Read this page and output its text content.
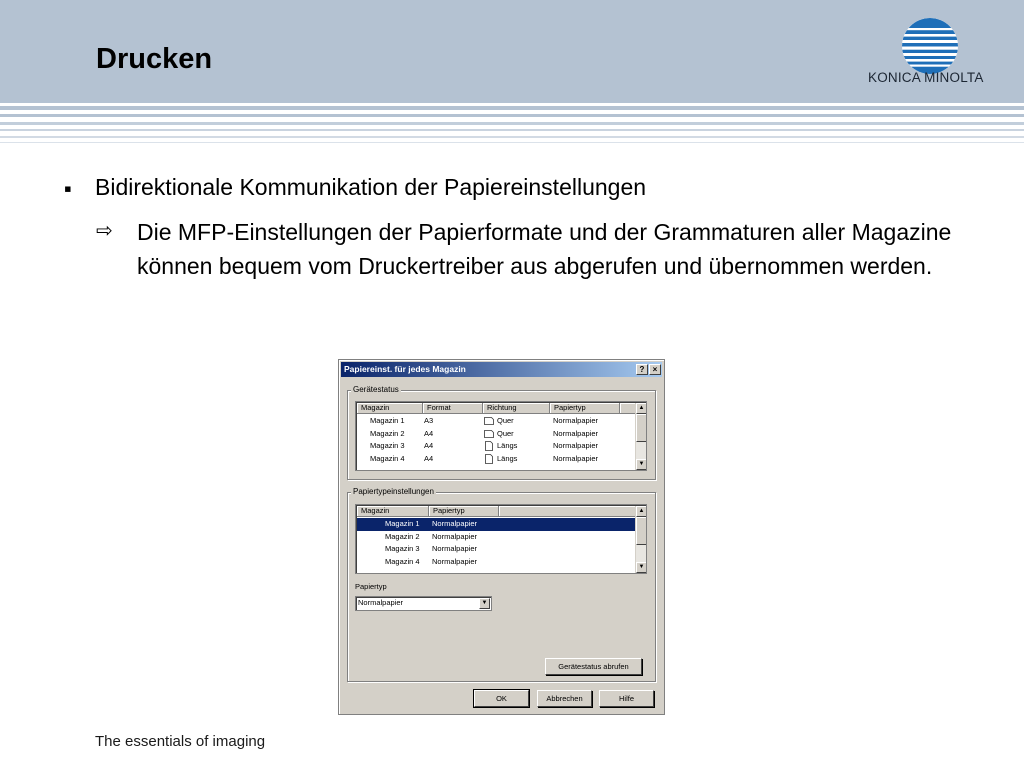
Drucken
KONICA MINOLTA
▪ Bidirektionale Kommunikation der Papiereinstellungen
⇨ Die MFP-Einstellungen der Papierformate und der Grammaturen aller Magazine können bequem vom Druckertreiber aus abgerufen und übernommen werden.
The essentials of imaging
Papiereinst. für jedes Magazin	?	×
Gerätestatus
Magazin	Format	Richtung	Papiertyp
Magazin 1	A3	Quer	Normalpapier
Magazin 2	A4	Quer	Normalpapier
Magazin 3	A4	Längs	Normalpapier
Magazin 4	A4	Längs	Normalpapier
▲
▼
Papiertypeinstellungen
Magazin	Papiertyp
Magazin 1 Normalpapier
Magazin 2 Normalpapier
Magazin 3 Normalpapier
Magazin 4 Normalpapier
▲
▼
Papiertyp
Normalpapier	▼
Gerätestatus abrufen
OK	Abbrechen	Hilfe
